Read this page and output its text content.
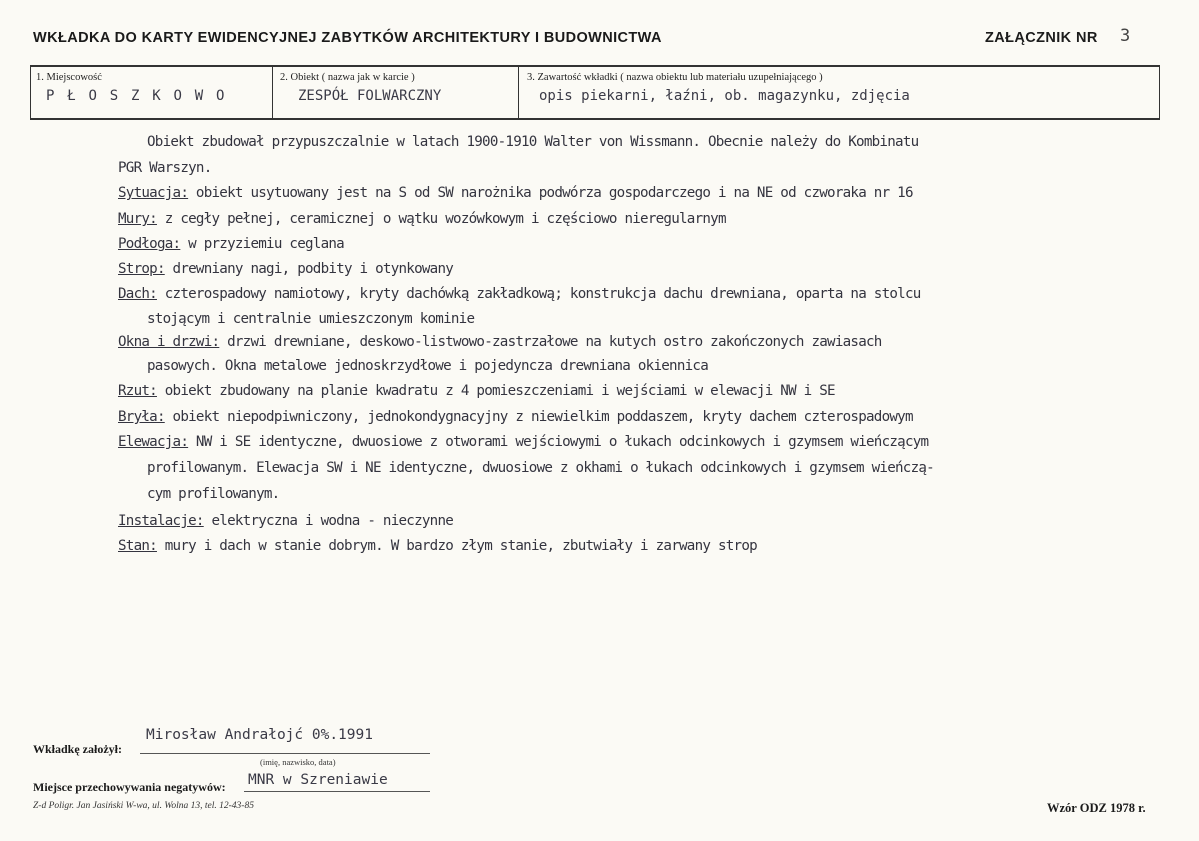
WKŁADKA DO KARTY EWIDENCYJNEJ ZABYTKÓW ARCHITEKTURY I BUDOWNICTWA	ZAŁĄCZNIK NR 3
1. Miejscowość
P Ł O S Z K O W O
2. Obiekt ( nazwa jak w karcie )
ZESPÓŁ FOLWARCZNY
3. Zawartość wkładki ( nazwa obiektu lub materiału uzupełniającego )
opis piekarni, łaźni, ob. magazynku, zdjęcia
Obiekt zbudował przypuszczalnie w latach 1900-1910 Walter von Wissmann. Obecnie należy do Kombinatu
PGR Warszyn.
Sytuacja: obiekt usytuowany jest na S od SW narożnika podwórza gospodarczego i na NE od czworaka nr 16
Mury: z cegły pełnej, ceramicznej o wątku wozówkowym i częściowo nieregularnym
Podłoga: w przyziemiu ceglana
Strop: drewniany nagi, podbity i otynkowany
Dach: czterospadowy namiotowy, kryty dachówką zakładkową; konstrukcja dachu drewniana, oparta na stolcu
stojącym i centralnie umieszczonym kominie
Okna i drzwi: drzwi drewniane, deskowo-listwowo-zastrzałowe na kutych ostro zakończonych zawiasach
pasowych. Okna metalowe jednoskrzydłowe i pojedyncza drewniana okiennica
Rzut: obiekt zbudowany na planie kwadratu z 4 pomieszczeniami i wejściami w elewacji NW i SE
Bryła: obiekt niepodpiwniczony, jednokondygnacyjny z niewielkim poddaszem, kryty dachem czterospadowym
Elewacja: NW i SE identyczne, dwuosiowe z otworami wejściowymi o łukach odcinkowych i gzymsem wieńczącym
profilowanym. Elewacja SW i NE identyczne, dwuosiowe z okhami o łukach odcinkowych i gzymsem wieńczą-
cym profilowanym.
Instalacje: elektryczna i wodna - nieczynne
Stan: mury i dach w stanie dobrym. W bardzo złym stanie, zbutwiały i zarwany strop
Wkładkę założył:
Mirosław Andrałojć 0%.1991
(imię, nazwisko, data)
Miejsce przechowywania negatywów: MNR w Szreniawie
Z-d Poligr. Jan Jasiński W-wa, ul. Wolna 13, tel. 12-43-85	Wzór ODZ 1978 r.
